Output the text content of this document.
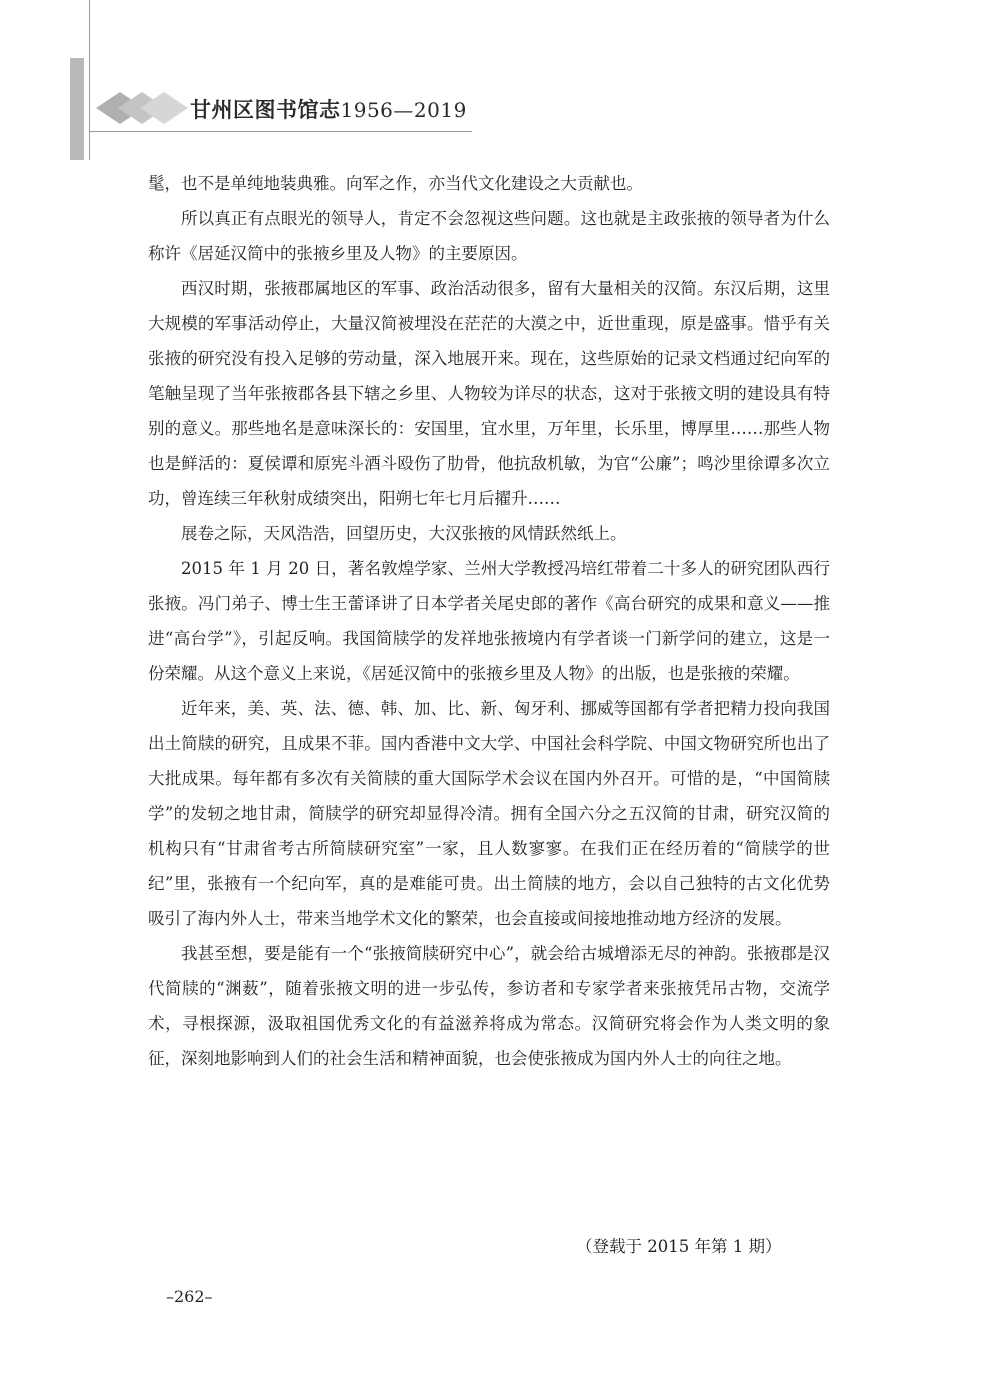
甘州区图书馆志1956—2019

髦，也不是单纯地装典雅。向军之作，亦当代文化建设之大贡献也。

所以真正有点眼光的领导人，肯定不会忽视这些问题。这也就是主政张掖的领导者为什么称许《居延汉简中的张掖乡里及人物》的主要原因。

西汉时期，张掖郡属地区的军事、政治活动很多，留有大量相关的汉简。东汉后期，这里大规模的军事活动停止，大量汉简被埋没在茫茫的大漠之中，近世重现，原是盛事。惜乎有关张掖的研究没有投入足够的劳动量，深入地展开来。现在，这些原始的记录文档通过纪向军的笔触呈现了当年张掖郡各县下辖之乡里、人物较为详尽的状态，这对于张掖文明的建设具有特别的意义。那些地名是意味深长的：安国里，宜水里，万年里，长乐里，博厚里……那些人物也是鲜活的：夏侯谭和原宪斗酒斗殴伤了肋骨，他抗敌机敏，为官“公廉”；鸣沙里徐谭多次立功，曾连续三年秋射成绩突出，阳朔七年七月后擢升……

展卷之际，天风浩浩，回望历史，大汉张掖的风情跃然纸上。

2015 年 1 月 20 日，著名敦煌学家、兰州大学教授冯培红带着二十多人的研究团队西行张掖。冯门弟子、博士生王蕾译讲了日本学者关尾史郎的著作《高台研究的成果和意义——推进“高台学”》，引起反响。我国简牍学的发祥地张掖境内有学者谈一门新学问的建立，这是一份荣耀。从这个意义上来说，《居延汉简中的张掖乡里及人物》的出版，也是张掖的荣耀。

近年来，美、英、法、德、韩、加、比、新、匈牙利、挪威等国都有学者把精力投向我国出土简牍的研究，且成果不菲。国内香港中文大学、中国社会科学院、中国文物研究所也出了大批成果。每年都有多次有关简牍的重大国际学术会议在国内外召开。可惜的是，“中国简牍学”的发轫之地甘肃，简牍学的研究却显得冷清。拥有全国六分之五汉简的甘肃，研究汉简的机构只有“甘肃省考古所简牍研究室”一家，且人数寥寥。在我们正在经历着的“简牍学的世纪”里，张掖有一个纪向军，真的是难能可贵。出土简牍的地方，会以自己独特的古文化优势吸引了海内外人士，带来当地学术文化的繁荣，也会直接或间接地推动地方经济的发展。

我甚至想，要是能有一个“张掖简牍研究中心”，就会给古城增添无尽的神韵。张掖郡是汉代简牍的“渊薮”，随着张掖文明的进一步弘传，参访者和专家学者来张掖凭吊古物，交流学术，寻根探源，汲取祖国优秀文化的有益滋养将成为常态。汉简研究将会作为人类文明的象征，深刻地影响到人们的社会生活和精神面貌，也会使张掖成为国内外人士的向往之地。

（登载于 2015 年第 1 期）
–262–
